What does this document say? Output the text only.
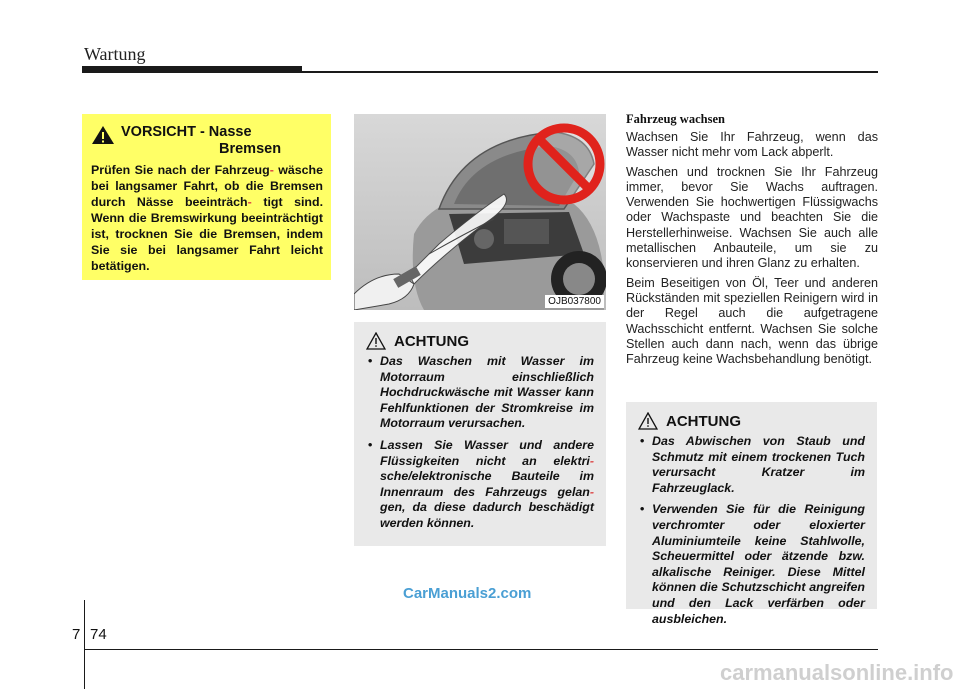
Wartung
VORSICHT - Nasse
Bremsen
Prüfen Sie nach der Fahrzeug- wäsche bei langsamer Fahrt, ob die Bremsen durch Nässe beeinträch- tigt sind. Wenn die Bremswirkung beeinträchtigt ist, trocknen Sie die Bremsen, indem Sie sie bei langsamer Fahrt leicht betätigen.
OJB037800
ACHTUNG
• Das Waschen mit Wasser im Motorraum einschließlich Hochdruckwäsche mit Wasser kann Fehlfunktionen der Stromkreise im Motorraum verursachen.
• Lassen Sie Wasser und andere Flüssigkeiten nicht an elektri- sche/elektronische Bauteile im Innenraum des Fahrzeugs gelan- gen, da diese dadurch beschädigt werden können.
Fahrzeug wachsen

Wachsen Sie Ihr Fahrzeug, wenn das Wasser nicht mehr vom Lack abperlt.

Waschen und trocknen Sie Ihr Fahrzeug immer, bevor Sie Wachs auftragen. Verwenden Sie hochwertigen Flüssigwachs oder Wachspaste und beachten Sie die Herstellerhinweise. Wachsen Sie auch alle metallischen Anbauteile, um sie zu konservieren und ihren Glanz zu erhalten.

Beim Beseitigen von Öl, Teer und anderen Rückständen mit speziellen Reinigern wird in der Regel auch die aufgetragene Wachsschicht entfernt. Wachsen Sie solche Stellen auch dann nach, wenn das übrige Fahrzeug keine Wachsbehandlung benötigt.

ACHTUNG
• Das Abwischen von Staub und Schmutz mit einem trockenen Tuch verursacht Kratzer im Fahrzeuglack.
• Verwenden Sie für die Reinigung verchromter oder eloxierter Aluminiumteile keine Stahlwolle, Scheuermittel oder ätzende bzw. alkalische Reiniger. Diese Mittel können die Schutzschicht angreifen und den Lack verfärben oder ausbleichen.
CarManuals2.com
7 74
carmanualsonline.info
